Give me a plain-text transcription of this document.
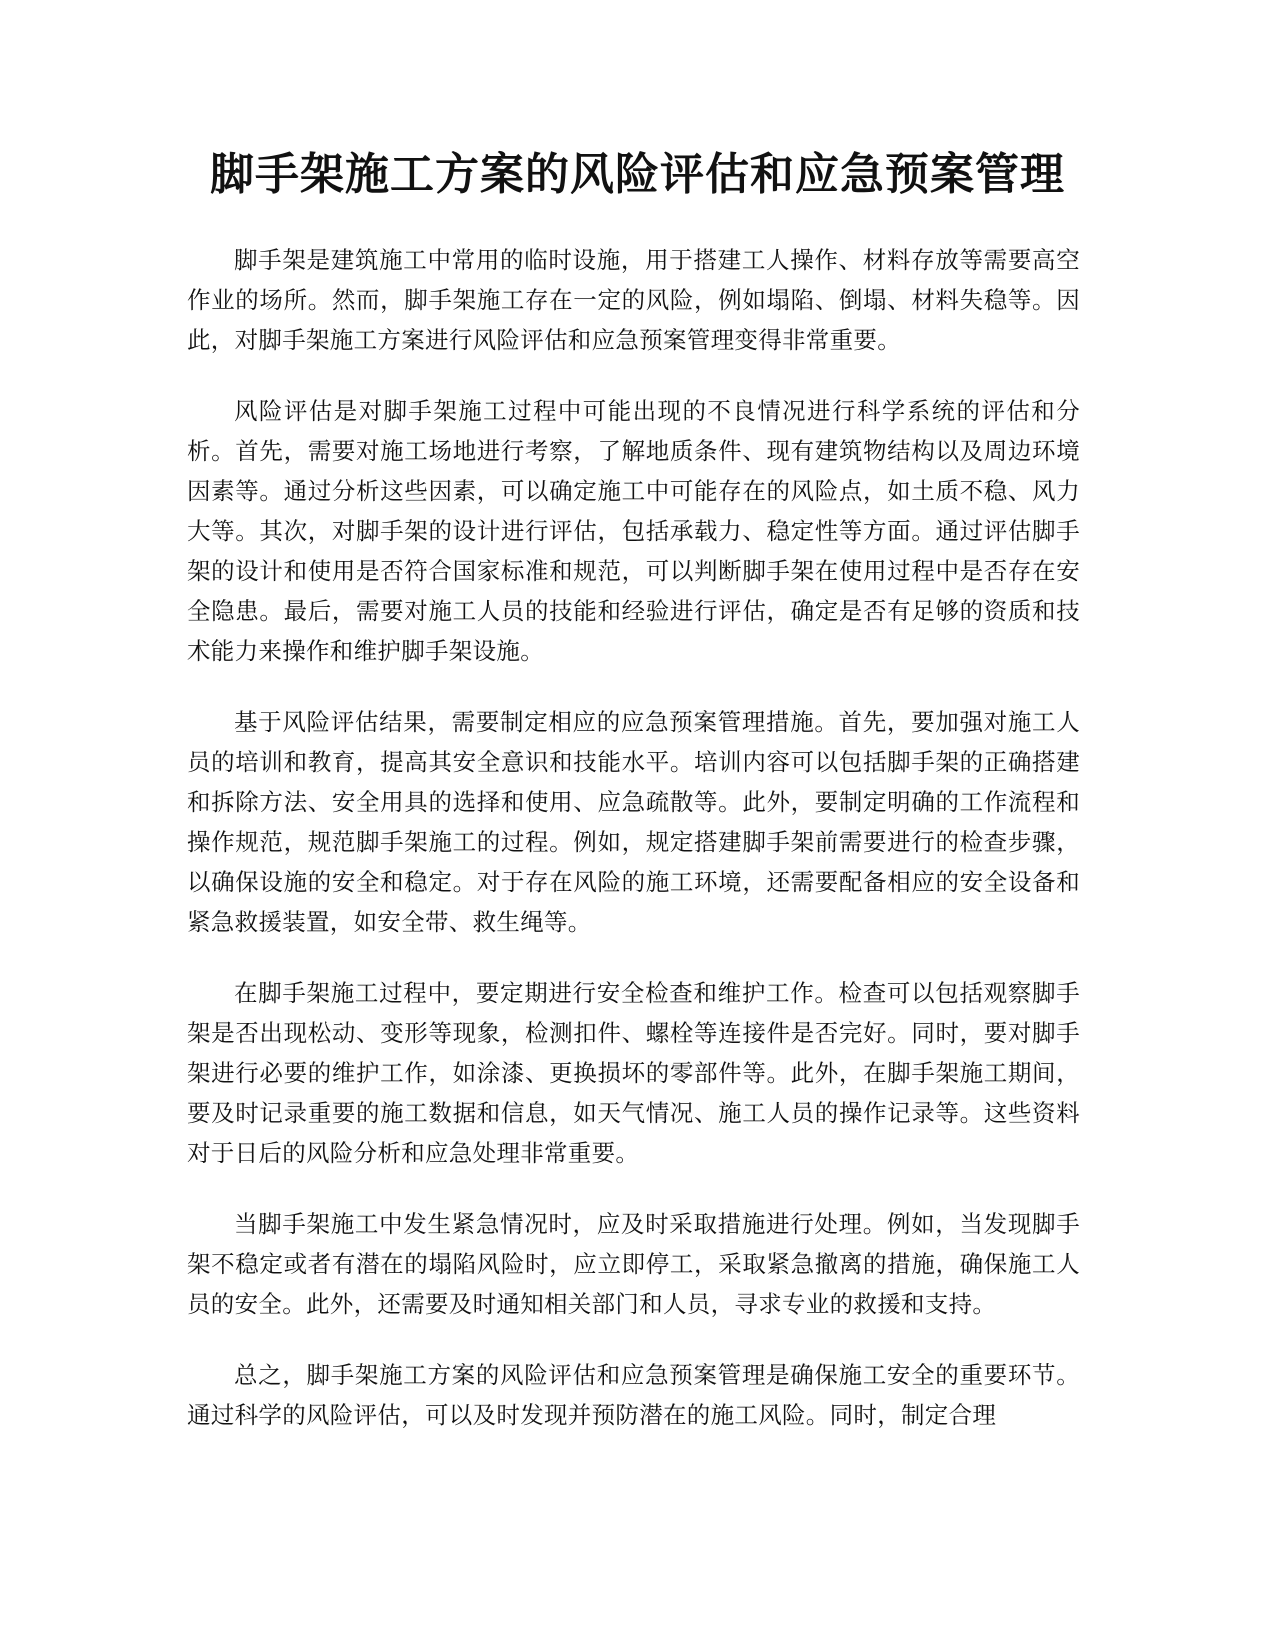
脚手架施工方案的风险评估和应急预案管理

脚手架是建筑施工中常用的临时设施，用于搭建工人操作、材料存放等需要高空作业的场所。然而，脚手架施工存在一定的风险，例如塌陷、倒塌、材料失稳等。因此，对脚手架施工方案进行风险评估和应急预案管理变得非常重要。

风险评估是对脚手架施工过程中可能出现的不良情况进行科学系统的评估和分析。首先，需要对施工场地进行考察，了解地质条件、现有建筑物结构以及周边环境因素等。通过分析这些因素，可以确定施工中可能存在的风险点，如土质不稳、风力大等。其次，对脚手架的设计进行评估，包括承载力、稳定性等方面。通过评估脚手架的设计和使用是否符合国家标准和规范，可以判断脚手架在使用过程中是否存在安全隐患。最后，需要对施工人员的技能和经验进行评估，确定是否有足够的资质和技术能力来操作和维护脚手架设施。

基于风险评估结果，需要制定相应的应急预案管理措施。首先，要加强对施工人员的培训和教育，提高其安全意识和技能水平。培训内容可以包括脚手架的正确搭建和拆除方法、安全用具的选择和使用、应急疏散等。此外，要制定明确的工作流程和操作规范，规范脚手架施工的过程。例如，规定搭建脚手架前需要进行的检查步骤，以确保设施的安全和稳定。对于存在风险的施工环境，还需要配备相应的安全设备和紧急救援装置，如安全带、救生绳等。

在脚手架施工过程中，要定期进行安全检查和维护工作。检查可以包括观察脚手架是否出现松动、变形等现象，检测扣件、螺栓等连接件是否完好。同时，要对脚手架进行必要的维护工作，如涂漆、更换损坏的零部件等。此外，在脚手架施工期间，要及时记录重要的施工数据和信息，如天气情况、施工人员的操作记录等。这些资料对于日后的风险分析和应急处理非常重要。

当脚手架施工中发生紧急情况时，应及时采取措施进行处理。例如，当发现脚手架不稳定或者有潜在的塌陷风险时，应立即停工，采取紧急撤离的措施，确保施工人员的安全。此外，还需要及时通知相关部门和人员，寻求专业的救援和支持。

总之，脚手架施工方案的风险评估和应急预案管理是确保施工安全的重要环节。通过科学的风险评估，可以及时发现并预防潜在的施工风险。同时，制定合理
